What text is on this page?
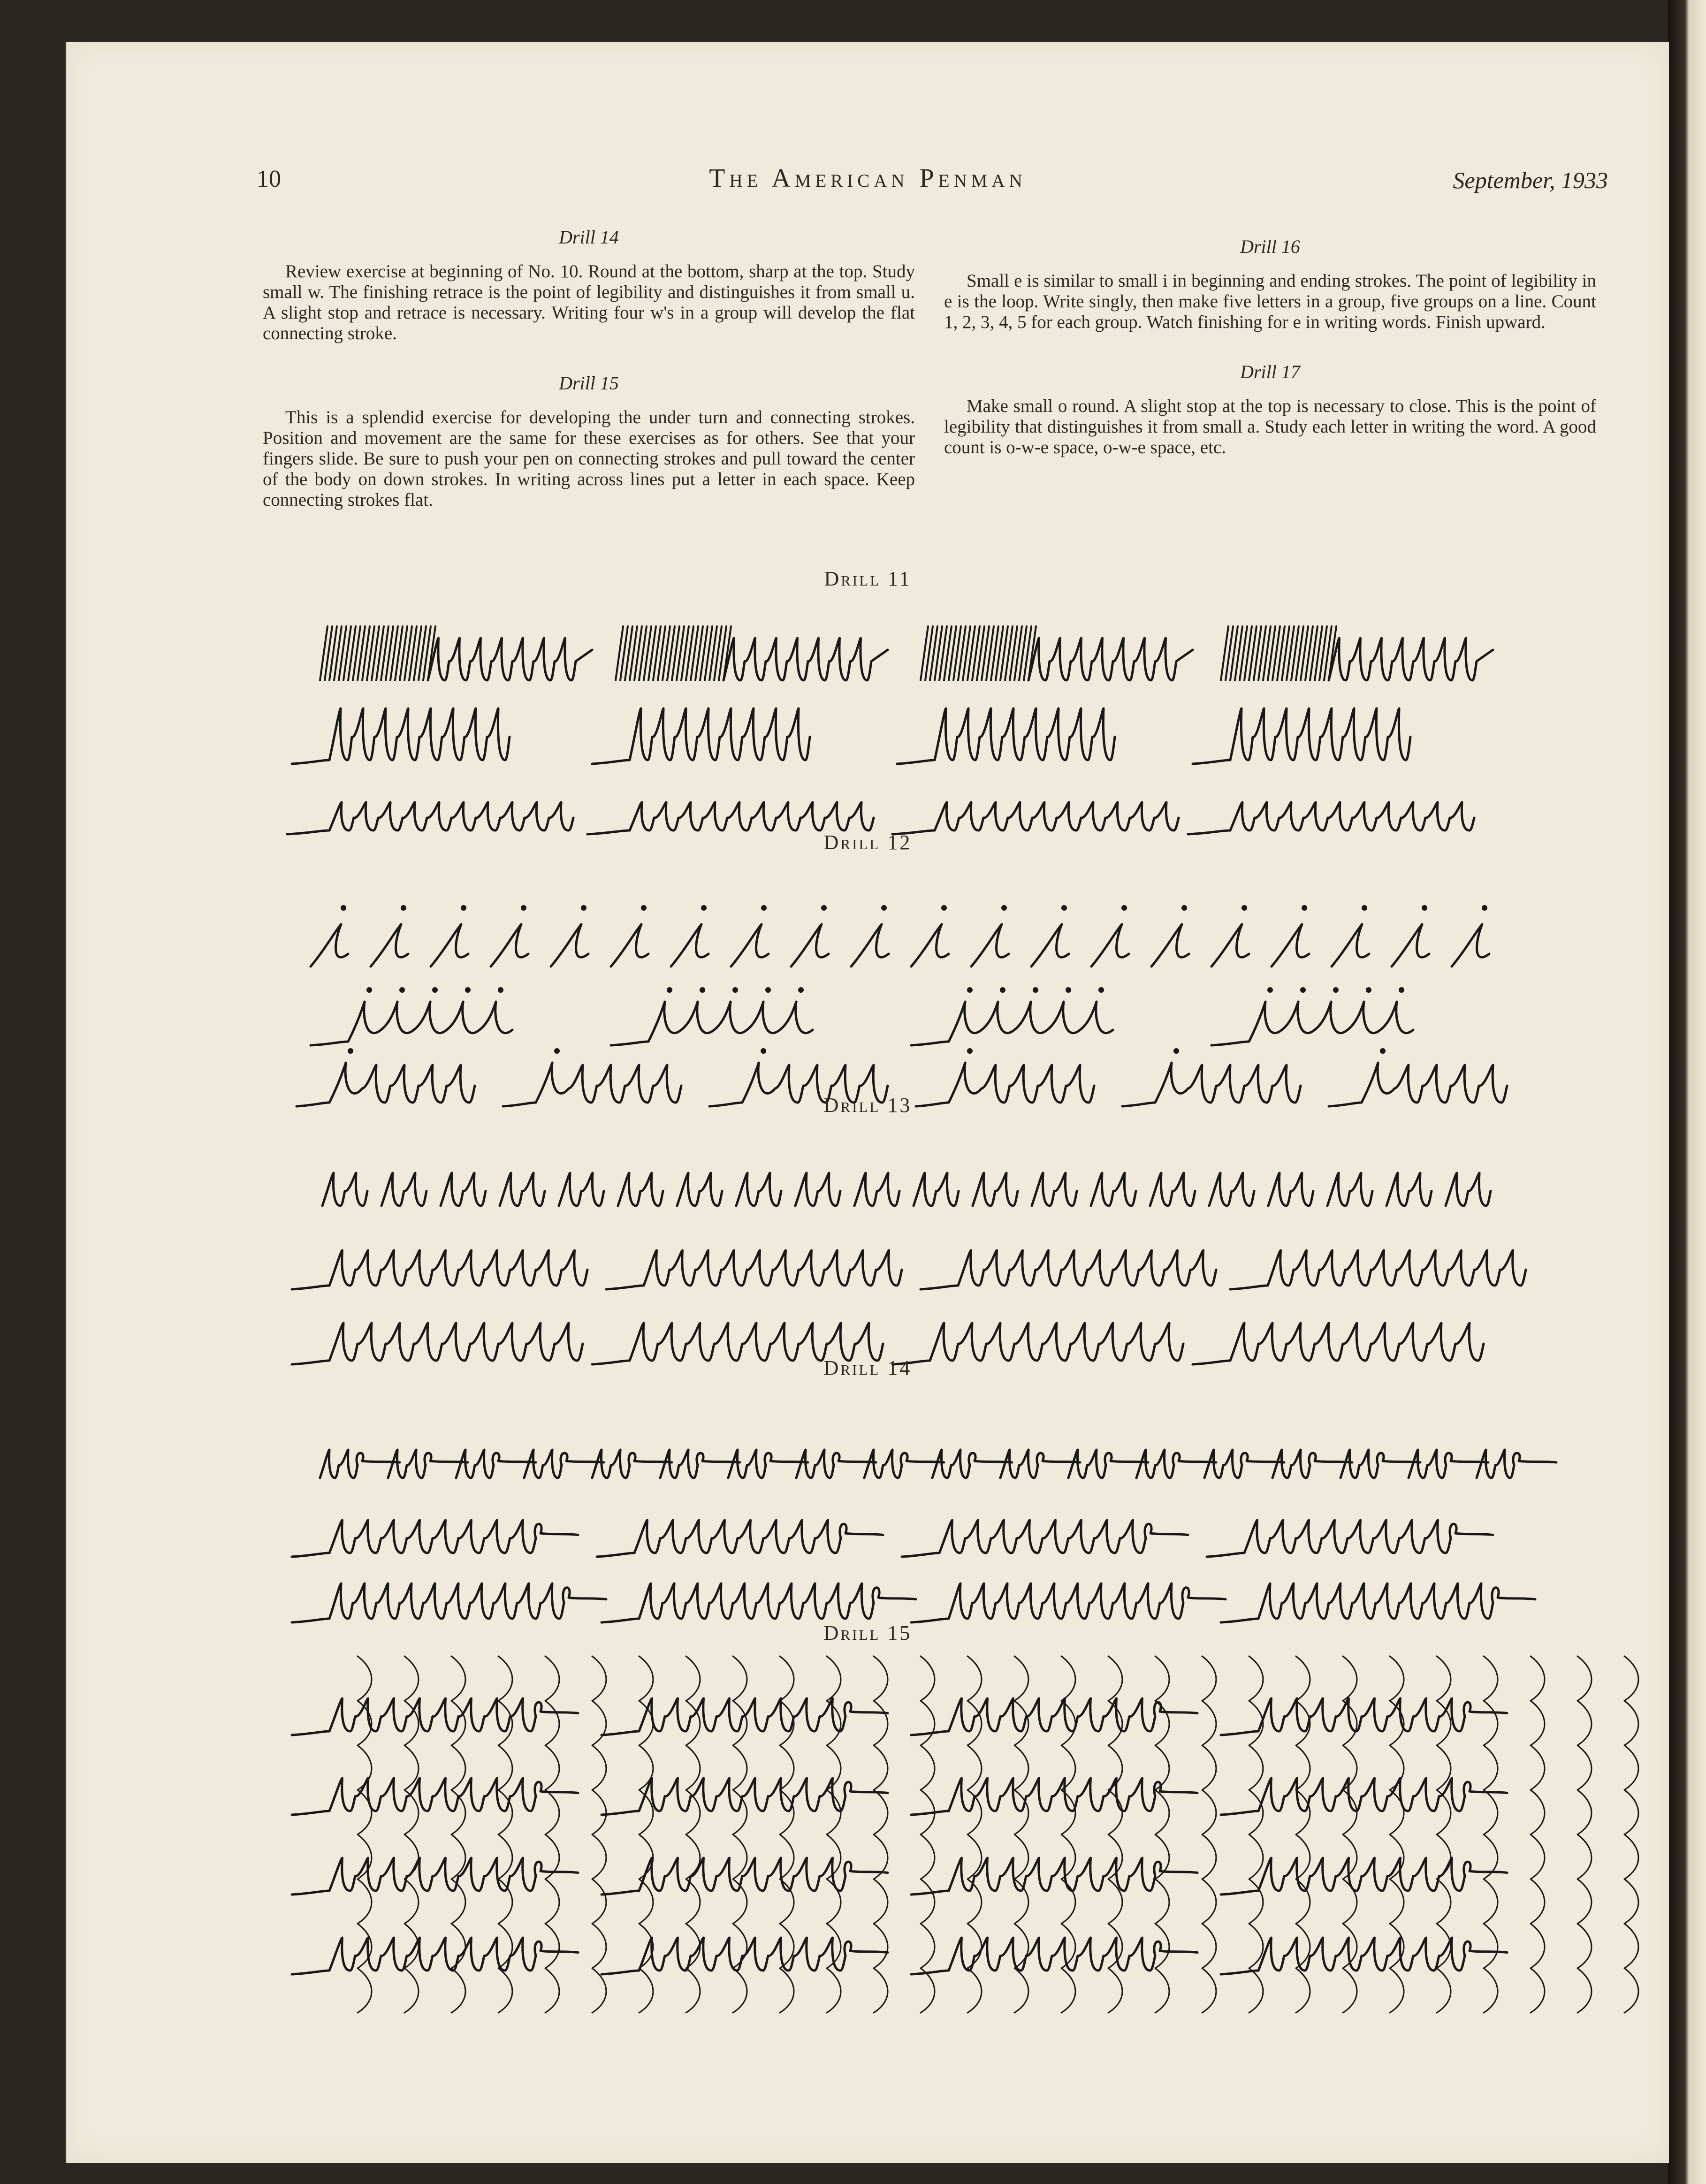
10	The American Penman	September, 1933
Drill 14

Review exercise at beginning of No. 10. Round at the bottom, sharp at the top. Study small w. The finishing retrace is the point of legibility and distinguishes it from small u. A slight stop and retrace is necessary. Writing four w's in a group will develop the flat connecting stroke.

Drill 15

This is a splendid exercise for developing the under turn and connecting strokes. Position and movement are the same for these exercises as for others. See that your fingers slide. Be sure to push your pen on connecting strokes and pull toward the center of the body on down strokes. In writing across lines put a letter in each space. Keep connecting strokes flat.

Drill 16

Small e is similar to small i in beginning and ending strokes. The point of legibility in e is the loop. Write singly, then make five letters in a group, five groups on a line. Count 1, 2, 3, 4, 5 for each group. Watch finishing for e in writing words. Finish upward.

Drill 17

Make small o round. A slight stop at the top is necessary to close. This is the point of legibility that distinguishes it from small a. Study each letter in writing the word. A good count is o-w-e space, o-w-e space, etc.

Drill 11
Drill 12
Drill 13
Drill 14
Drill 15
